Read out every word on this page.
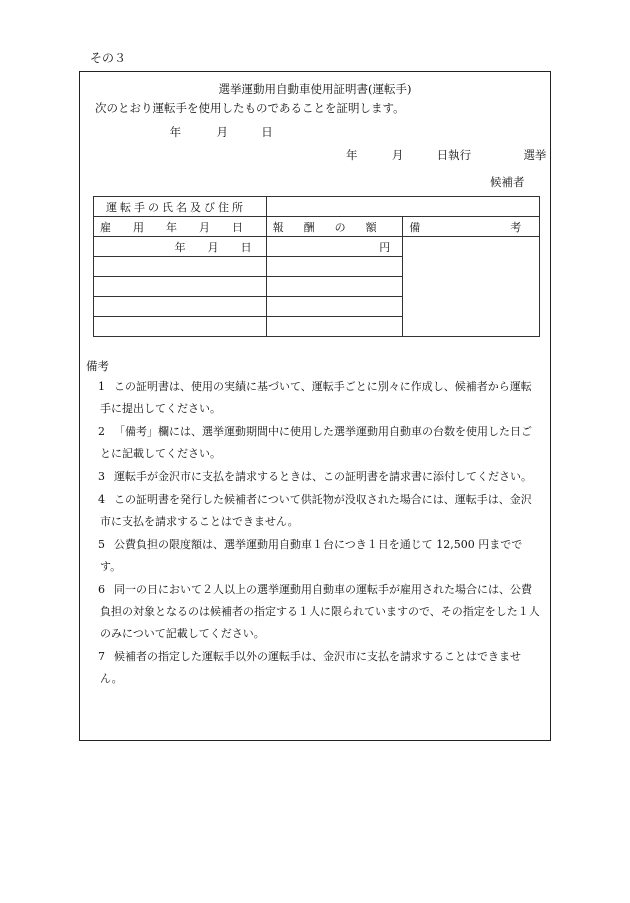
その３
選挙運動用自動車使用証明書(運転手)
次のとおり運転手を使用したものであることを証明します。
年	月	日
年	月	日執行	選挙
候補者
運転手の氏名及び住所		
雇 用 年 月 日	報 酬 の 額	備 考
年 月 日	円	

備考
1 この証明書は、使用の実績に基づいて、運転手ごとに別々に作成し、候補者から運転手に提出してください。
2 「備考」欄には、選挙運動期間中に使用した選挙運動用自動車の台数を使用した日ごとに記載してください。
3 運転手が金沢市に支払を請求するときは、この証明書を請求書に添付してください。
4 この証明書を発行した候補者について供託物が没収された場合には、運転手は、金沢市に支払を請求することはできません。
5 公費負担の限度額は、選挙運動用自動車１台につき１日を通じて 12,500 円までです。
6 同一の日において２人以上の選挙運動用自動車の運転手が雇用された場合には、公費負担の対象となるのは候補者の指定する１人に限られていますので、その指定をした１人のみについて記載してください。
7 候補者の指定した運転手以外の運転手は、金沢市に支払を請求することはできません。
